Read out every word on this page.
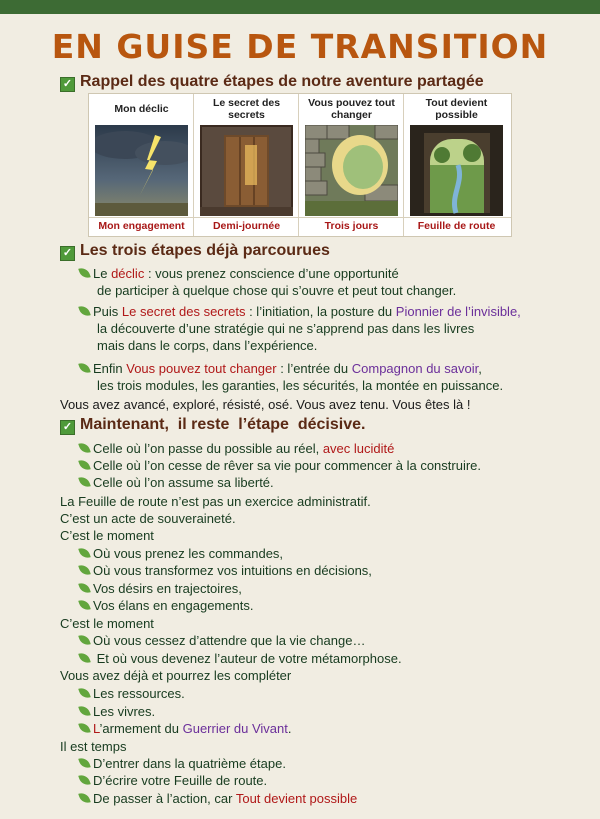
EN GUISE DE TRANSITION
✓ Rappel des quatre étapes de notre aventure partagée
Mon déclic
Mon engagement
Le secret des secrets
Demi-journée
Vous pouvez tout changer
Trois jours
Tout devient possible
Feuille de route
✓ Les trois étapes déjà parcourues
Le déclic : vous prenez conscience d’une opportunité
de participer à quelque chose qui s’ouvre et peut tout changer.
Puis Le secret des secrets : l’initiation, la posture du Pionnier de l’invisible,
la découverte d’une stratégie qui ne s’apprend pas dans les livres
mais dans le corps, dans l’expérience.
Enfin Vous pouvez tout changer : l’entrée du Compagnon du savoir,
les trois modules, les garanties, les sécurités, la montée en puissance.
Vous avez avancé, exploré, résisté, osé. Vous avez tenu. Vous êtes là !
✓ Maintenant,  il reste  l’étape  décisive.
Celle où l’on passe du possible au réel, avec lucidité
Celle où l’on cesse de rêver sa vie pour commencer à la construire.
Celle où l’on assume sa liberté.
La Feuille de route n’est pas un exercice administratif.
C’est un acte de souveraineté.
C’est le moment
Où vous prenez les commandes,
Où vous transformez vos intuitions en décisions,
Vos désirs en trajectoires,
Vos élans en engagements.
C’est le moment
Où vous cessez d’attendre que la vie change…
Et où vous devenez l’auteur de votre métamorphose.
Vous avez déjà et pourrez les compléter
Les ressources.
Les vivres.
L’armement du Guerrier du Vivant.
Il est temps
D’entrer dans la quatrième étape.
D’écrire votre Feuille de route.
De passer à l’action, car Tout devient possible
